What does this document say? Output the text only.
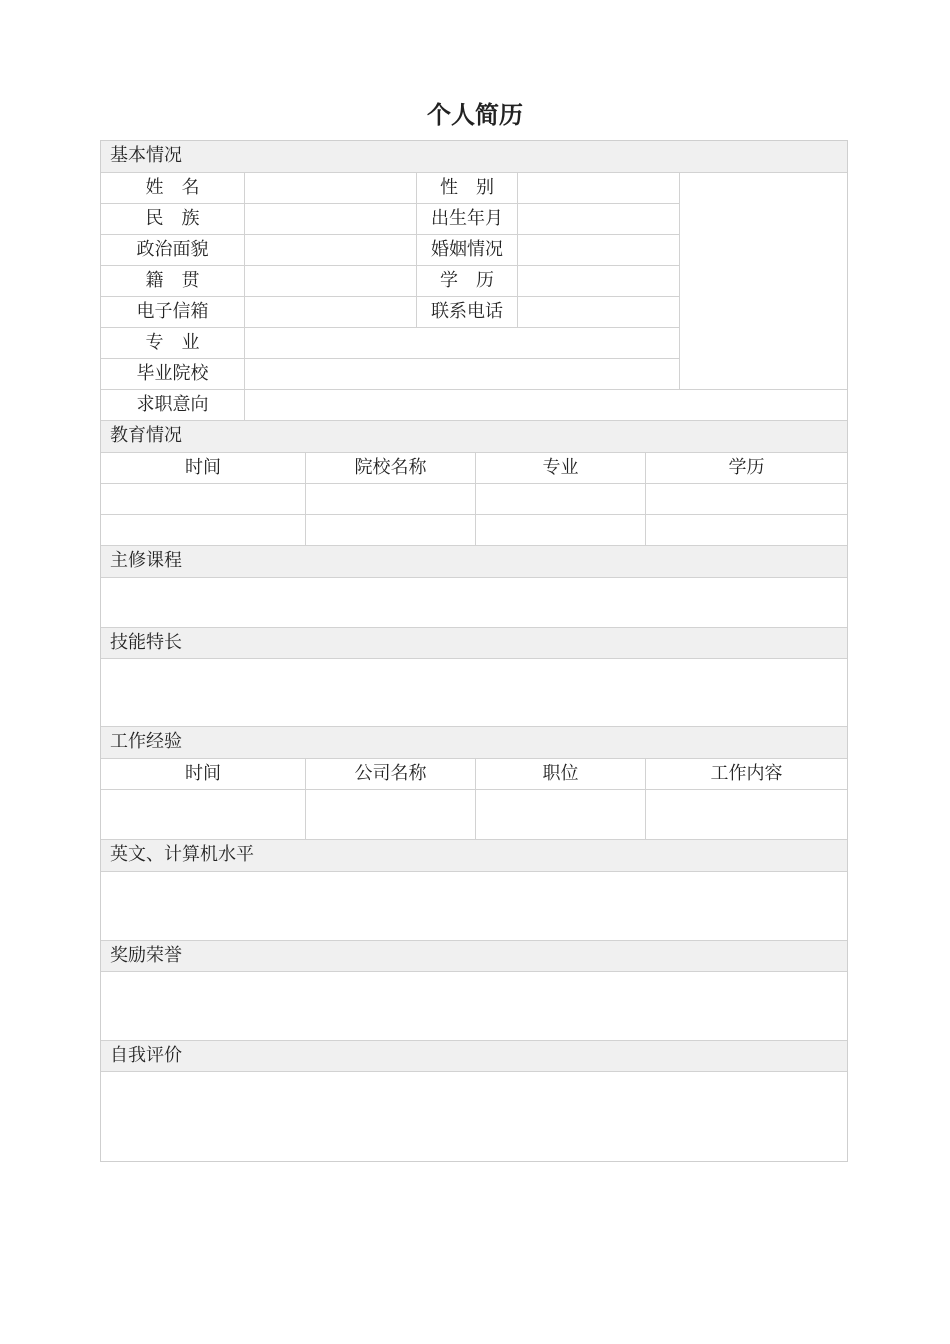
个人简历
基本情况
姓　名	性　别
民　族	出生年月
政治面貌	婚姻情况
籍　贯	学　历
电子信箱	联系电话
专　业
毕业院校
求职意向
教育情况
时间	院校名称	专业	学历
主修课程
技能特长
工作经验
时间	公司名称	职位	工作内容
英文、计算机水平
奖励荣誉
自我评价
